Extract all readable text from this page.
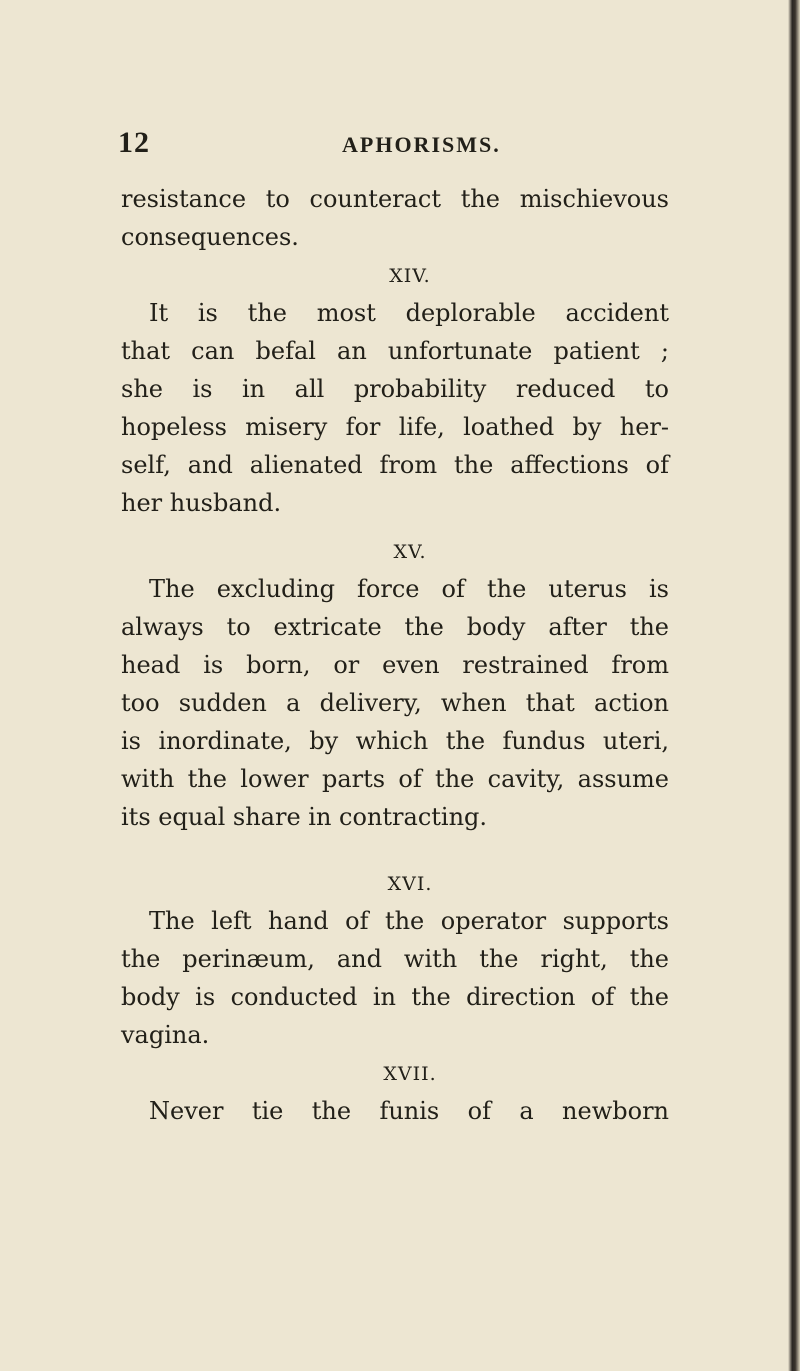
12	APHORISMS.
resistance to counteract the mischievous
consequences.
XIV.
It is the most deplorable accident
that can befal an unfortunate patient ;
she is in all probability reduced to
hopeless misery for life, loathed by her-
self, and alienated from the affections of
her husband.
XV.
The excluding force of the uterus is
always to extricate the body after the
head is born, or even restrained from
too sudden a delivery, when that action
is inordinate, by which the fundus uteri,
with the lower parts of the cavity, assume
its equal share in contracting.
XVI.
The left hand of the operator supports
the perinæum, and with the right, the
body is conducted in the direction of the
vagina.
XVII.
Never tie the funis of a newborn
